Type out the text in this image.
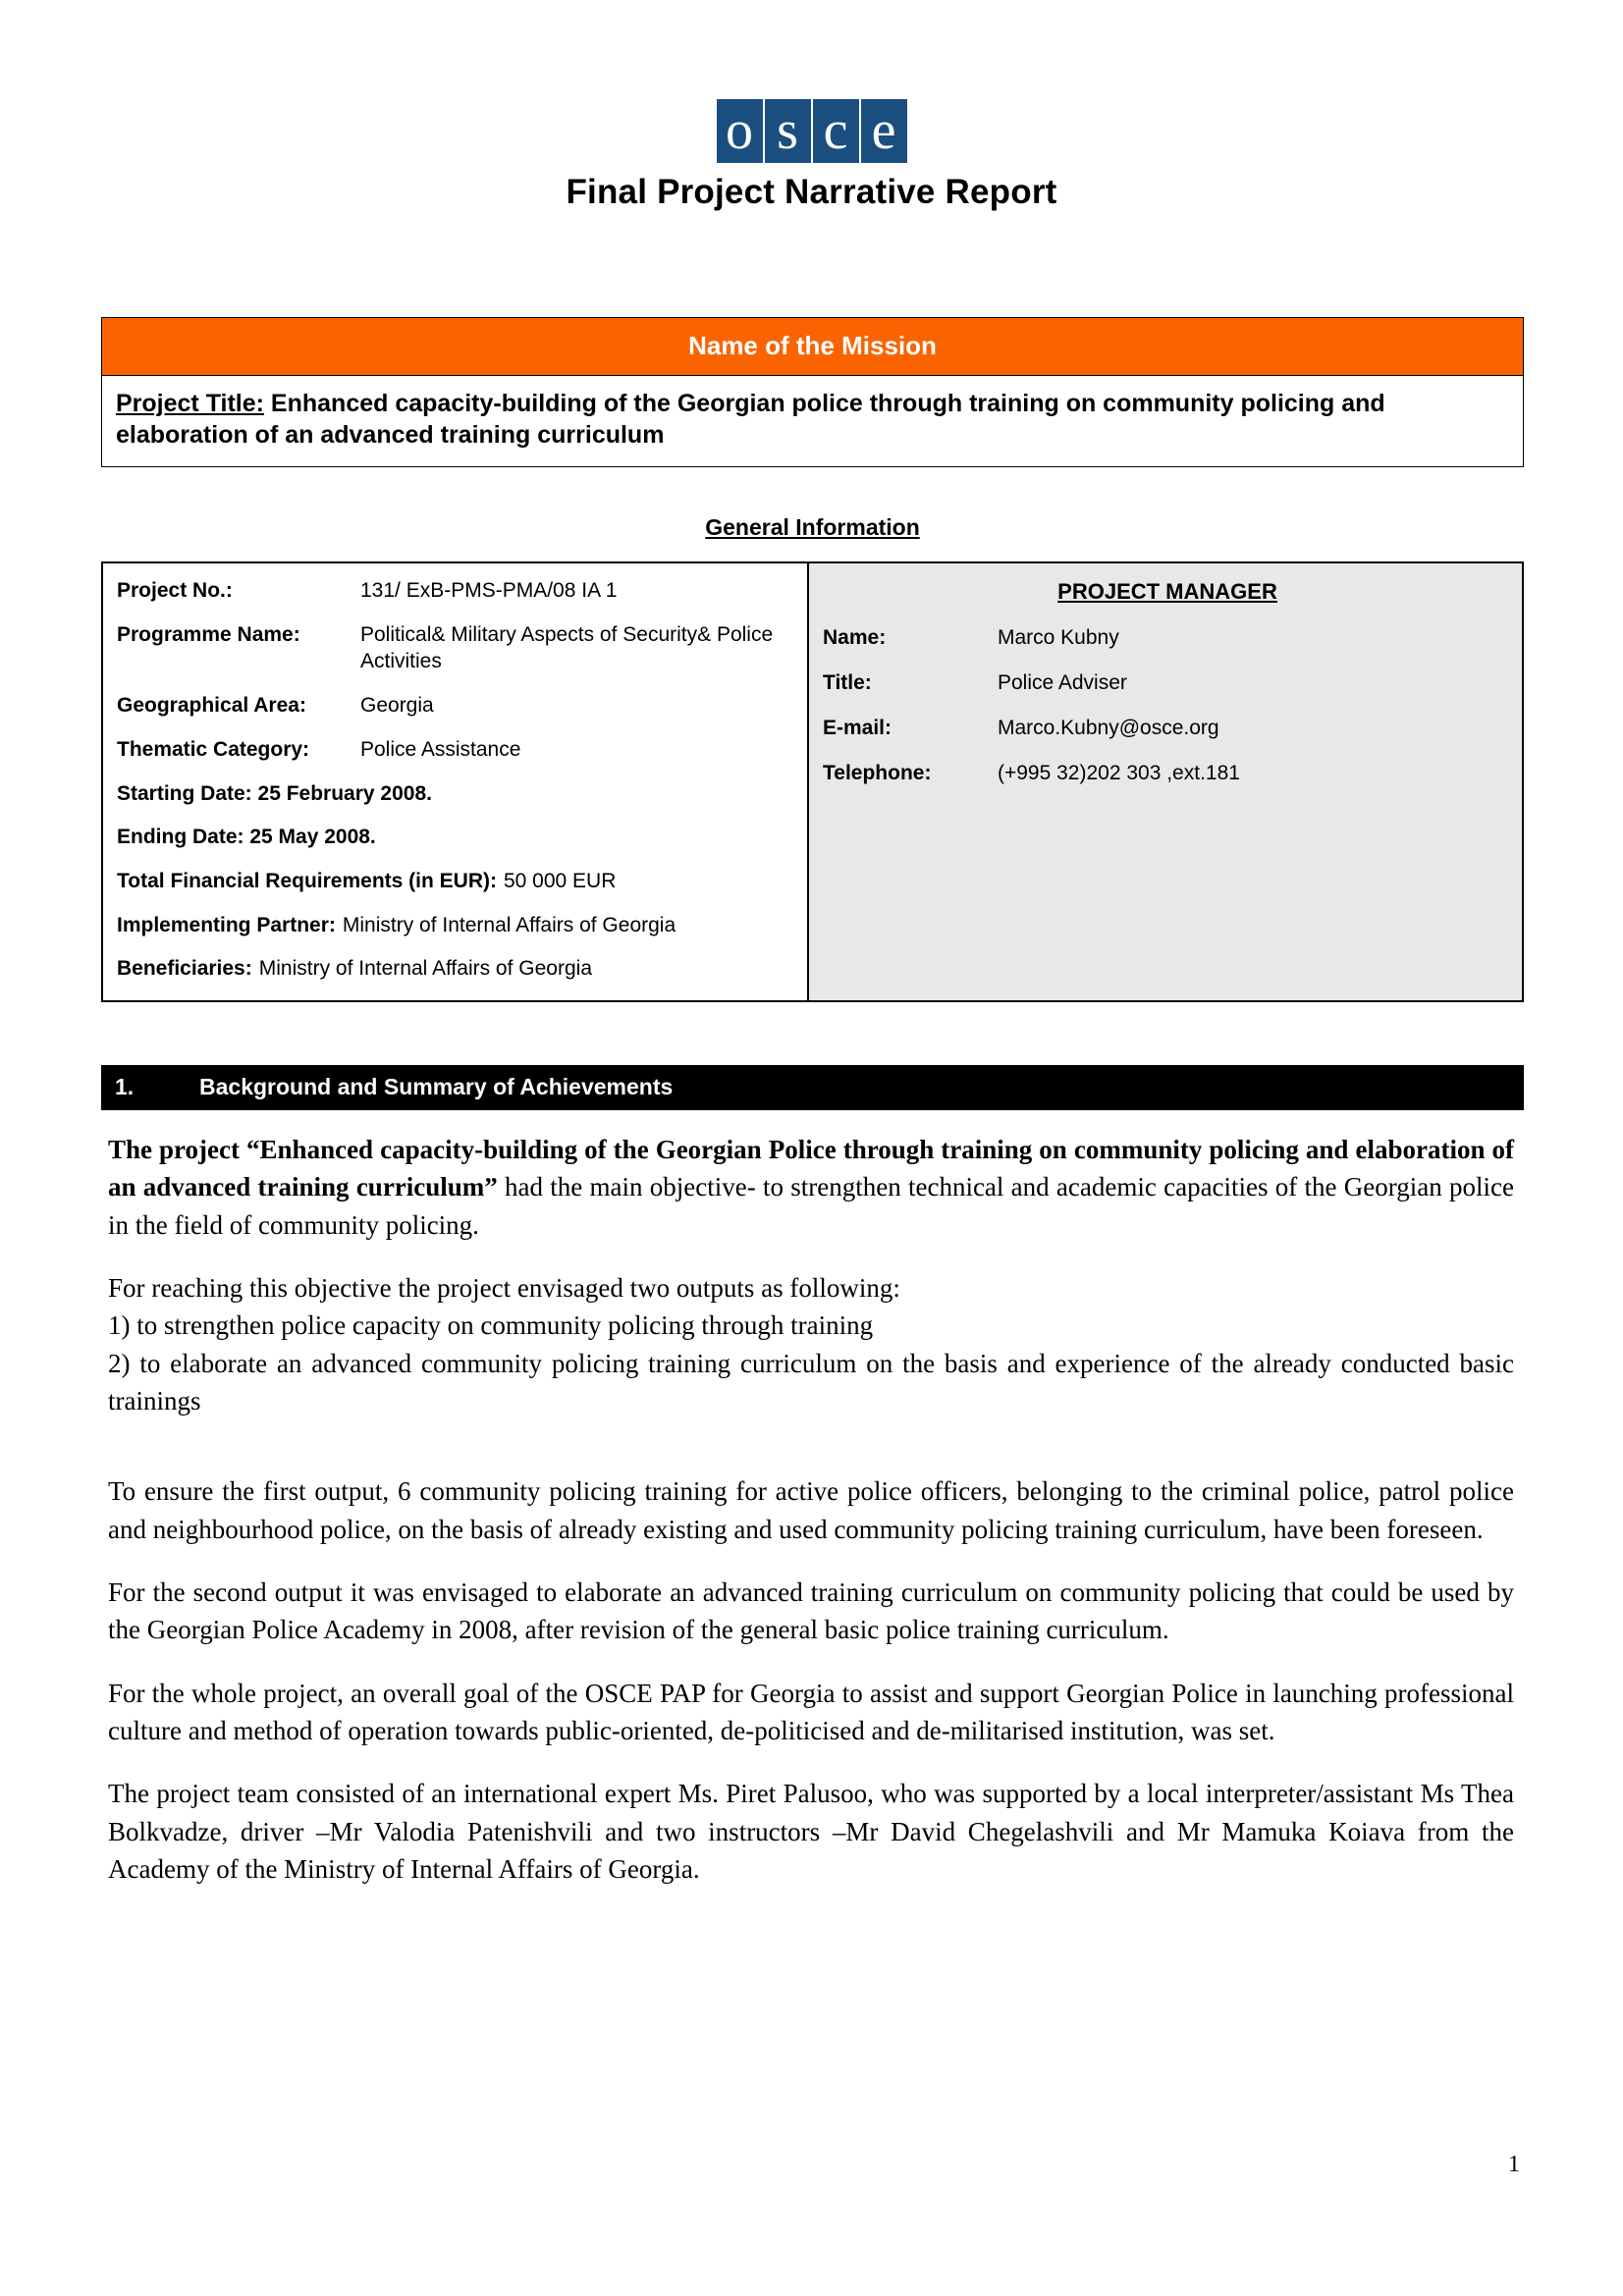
o s c e
Final Project Narrative Report
Name of the Mission
Project Title: Enhanced capacity-building of the Georgian police through training on community policing and elaboration of an advanced training curriculum
General Information
Project No.:	131/ ExB-PMS-PMA/08 IA 1
Programme Name:	Political& Military Aspects of Security& Police Activities
Geographical Area:	Georgia
Thematic Category:	Police Assistance
Starting Date: 25 February 2008.
Ending Date: 25 May 2008.
Total Financial Requirements (in EUR): 50 000 EUR
Implementing Partner: Ministry of Internal Affairs of Georgia
Beneficiaries: Ministry of Internal Affairs of Georgia
PROJECT MANAGER
Name:	Marco Kubny
Title:	Police Adviser
E-mail:	Marco.Kubny@osce.org
Telephone:	(+995 32)202 303 ,ext.181
1.	Background and Summary of Achievements

The project “Enhanced capacity-building of the Georgian Police through training on community policing and elaboration of an advanced training curriculum” had the main objective- to strengthen technical and academic capacities of the Georgian police in the field of community policing.

For reaching this objective the project envisaged two outputs as following:

1) to strengthen police capacity on community policing through training

2) to elaborate an advanced community policing training curriculum on the basis and experience of the already conducted basic trainings

To ensure the first output, 6 community policing training for active police officers, belonging to the criminal police, patrol police and neighbourhood police, on the basis of already existing and used community policing training curriculum, have been foreseen.

For the second output it was envisaged to elaborate an advanced training curriculum on community policing that could be used by the Georgian Police Academy in 2008, after revision of the general basic police training curriculum.

For the whole project, an overall goal of the OSCE PAP for Georgia to assist and support Georgian Police in launching professional culture and method of operation towards public-oriented, de-politicised and de-militarised institution, was set.

The project team consisted of an international expert Ms. Piret Palusoo, who was supported by a local interpreter/assistant Ms Thea Bolkvadze, driver –Mr Valodia Patenishvili and two instructors –Mr David Chegelashvili and Mr Mamuka Koiava from the Academy of the Ministry of Internal Affairs of Georgia.

1
